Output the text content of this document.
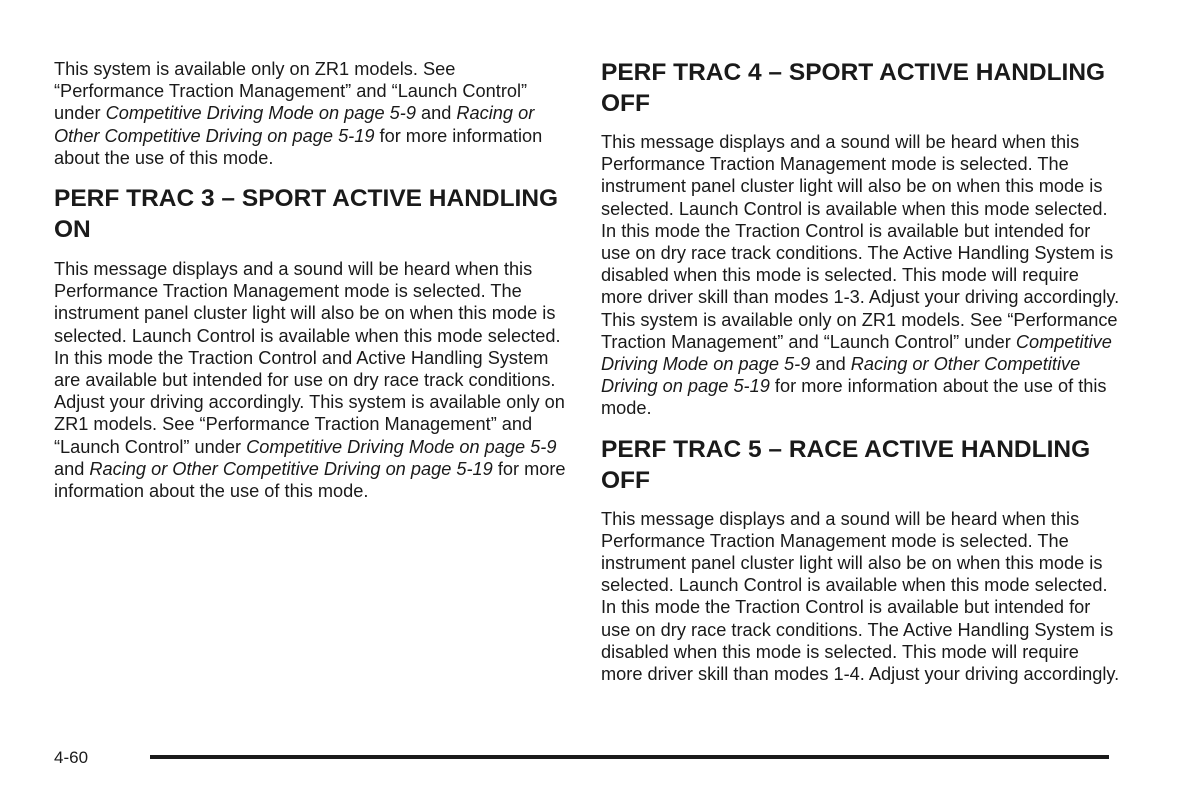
This system is available only on ZR1 models. See “Performance Traction Management” and “Launch Control” under Competitive Driving Mode on page 5-9 and Racing or Other Competitive Driving on page 5-19 for more information about the use of this mode.

PERF TRAC 3 – SPORT ACTIVE HANDLING ON

This message displays and a sound will be heard when this Performance Traction Management mode is selected. The instrument panel cluster light will also be on when this mode is selected. Launch Control is available when this mode selected. In this mode the Traction Control and Active Handling System are available but intended for use on dry race track conditions. Adjust your driving accordingly. This system is available only on ZR1 models. See “Performance Traction Management” and “Launch Control” under Competitive Driving Mode on page 5-9 and Racing or Other Competitive Driving on page 5-19 for more information about the use of this mode.

PERF TRAC 4 – SPORT ACTIVE HANDLING OFF

This message displays and a sound will be heard when this Performance Traction Management mode is selected. The instrument panel cluster light will also be on when this mode is selected. Launch Control is available when this mode selected. In this mode the Traction Control is available but intended for use on dry race track conditions. The Active Handling System is disabled when this mode is selected. This mode will require more driver skill than modes 1-3. Adjust your driving accordingly. This system is available only on ZR1 models. See “Performance Traction Management” and “Launch Control” under Competitive Driving Mode on page 5-9 and Racing or Other Competitive Driving on page 5-19 for more information about the use of this mode.

PERF TRAC 5 – RACE ACTIVE HANDLING OFF

This message displays and a sound will be heard when this Performance Traction Management mode is selected. The instrument panel cluster light will also be on when this mode is selected. Launch Control is available when this mode selected. In this mode the Traction Control is available but intended for use on dry race track conditions. The Active Handling System is disabled when this mode is selected. This mode will require more driver skill than modes 1-4. Adjust your driving accordingly.

4-60
